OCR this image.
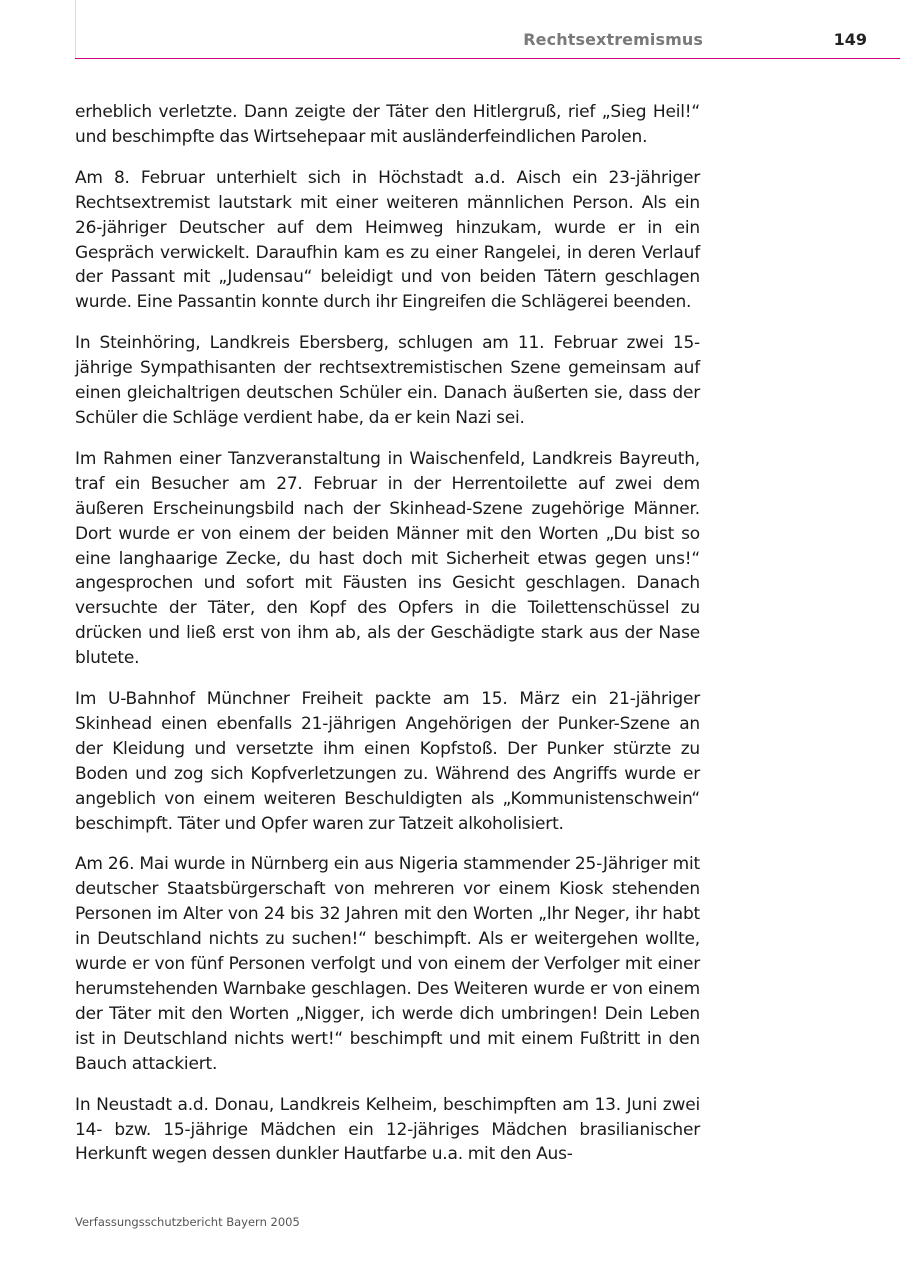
Rechtsextremismus	149

erheblich verletzte. Dann zeigte der Täter den Hitlergruß, rief „Sieg Heil!“ und beschimpfte das Wirtsehepaar mit ausländerfeindlichen Parolen.

Am 8. Februar unterhielt sich in Höchstadt a.d. Aisch ein 23-jähriger Rechtsextremist lautstark mit einer weiteren männlichen Person. Als ein 26-jähriger Deutscher auf dem Heimweg hinzukam, wurde er in ein Gespräch verwickelt. Daraufhin kam es zu einer Rangelei, in deren Verlauf der Passant mit „Judensau“ beleidigt und von beiden Tätern geschlagen wurde. Eine Passantin konnte durch ihr Eingreifen die Schlägerei beenden.

In Steinhöring, Landkreis Ebersberg, schlugen am 11. Februar zwei 15-jährige Sympathisanten der rechtsextremistischen Szene gemeinsam auf einen gleichaltrigen deutschen Schüler ein. Danach äußerten sie, dass der Schüler die Schläge verdient habe, da er kein Nazi sei.

Im Rahmen einer Tanzveranstaltung in Waischenfeld, Landkreis Bayreuth, traf ein Besucher am 27. Februar in der Herrentoilette auf zwei dem äußeren Erscheinungsbild nach der Skinhead-Szene zugehörige Männer. Dort wurde er von einem der beiden Männer mit den Worten „Du bist so eine langhaarige Zecke, du hast doch mit Sicherheit etwas gegen uns!“ angesprochen und sofort mit Fäusten ins Gesicht geschlagen. Danach versuchte der Täter, den Kopf des Opfers in die Toilettenschüssel zu drücken und ließ erst von ihm ab, als der Geschädigte stark aus der Nase blutete.

Im U-Bahnhof Münchner Freiheit packte am 15. März ein 21-jähriger Skinhead einen ebenfalls 21-jährigen Angehörigen der Punker-Szene an der Kleidung und versetzte ihm einen Kopfstoß. Der Punker stürzte zu Boden und zog sich Kopfverletzungen zu. Während des Angriffs wurde er angeblich von einem weiteren Beschuldigten als „Kommunistenschwein“ beschimpft. Täter und Opfer waren zur Tatzeit alkoholisiert.

Am 26. Mai wurde in Nürnberg ein aus Nigeria stammender 25-Jähriger mit deutscher Staatsbürgerschaft von mehreren vor einem Kiosk stehenden Personen im Alter von 24 bis 32 Jahren mit den Worten „Ihr Neger, ihr habt in Deutschland nichts zu suchen!“ beschimpft. Als er weitergehen wollte, wurde er von fünf Personen verfolgt und von einem der Verfolger mit einer herumstehenden Warnbake geschlagen. Des Weiteren wurde er von einem der Täter mit den Worten „Nigger, ich werde dich umbringen! Dein Leben ist in Deutschland nichts wert!“ beschimpft und mit einem Fußtritt in den Bauch attackiert.

In Neustadt a.d. Donau, Landkreis Kelheim, beschimpften am 13. Juni zwei 14- bzw. 15-jährige Mädchen ein 12-jähriges Mädchen brasilianischer Herkunft wegen dessen dunkler Hautfarbe u.a. mit den Aus-

Verfassungsschutzbericht Bayern 2005
